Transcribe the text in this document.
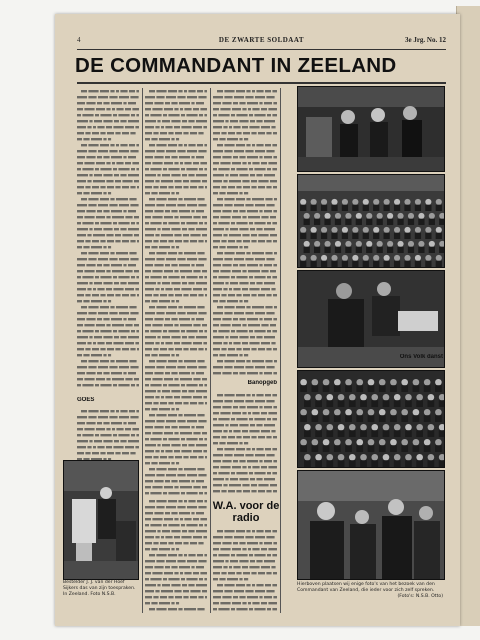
4	DE ZWARTE SOLDAAT	3e Jrg. No. 12
DE COMMANDANT IN ZEELAND
GOES
Bestelder J. J. van der Hoef Sijkers das van zijn toespraken. In Zeeland. Foto N.S.B.
Banopgeb
W.A. voor de
radio
Ons Volk danst
Hierboven plaatsen wij enige foto's van het bezoek van den Commandant van Zeeland, die ieder voor zich zelf spreken.
(Foto's: N.S.B. Otto)
